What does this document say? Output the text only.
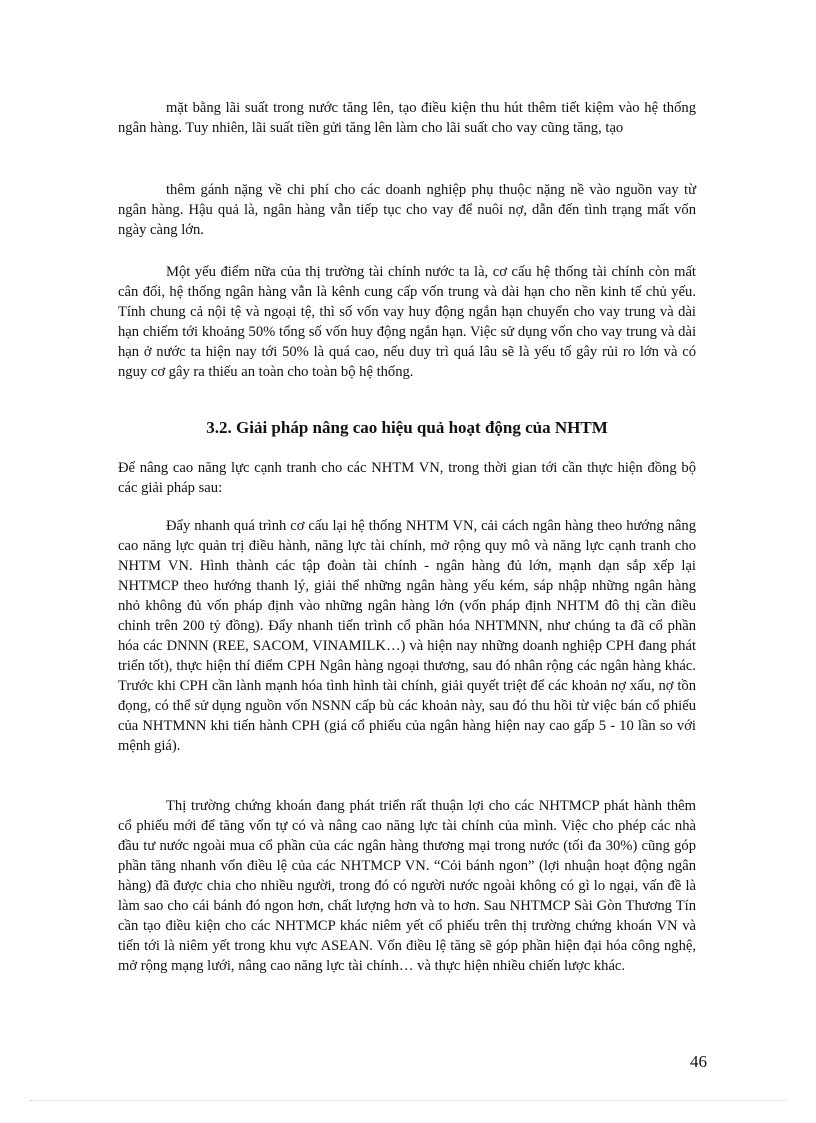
mặt bằng lãi suất trong nước tăng lên, tạo điều kiện thu hút thêm tiết kiệm vào hệ thống ngân hàng. Tuy nhiên, lãi suất tiền gửi tăng lên làm cho lãi suất cho vay cũng tăng, tạo

thêm gánh nặng về chi phí cho các doanh nghiệp phụ thuộc nặng nề vào nguồn vay từ ngân hàng. Hậu quả là, ngân hàng vẫn tiếp tục cho vay để nuôi nợ, dẫn đến tình trạng mất vốn ngày càng lớn.

Một yếu điểm nữa của thị trường tài chính nước ta là, cơ cấu hệ thống tài chính còn mất cân đối, hệ thống ngân hàng vẫn là kênh cung cấp vốn trung và dài hạn cho nền kinh tế chủ yếu. Tính chung cả nội tệ và ngoại tệ, thì số vốn vay huy động ngắn hạn chuyển cho vay trung và dài hạn chiếm tới khoảng 50% tổng số vốn huy động ngắn hạn. Việc sử dụng vốn cho vay trung và dài hạn ở nước ta hiện nay tới 50% là quá cao, nếu duy trì quá lâu sẽ là yếu tố gây rủi ro lớn và có nguy cơ gây ra thiếu an toàn cho toàn bộ hệ thống.

3.2. Giải pháp nâng cao hiệu quả hoạt động của NHTM

Để nâng cao năng lực cạnh tranh cho các NHTM VN, trong thời gian tới cần thực hiện đồng bộ các giải pháp sau:

Đẩy nhanh quá trình cơ cấu lại hệ thống NHTM VN, cải cách ngân hàng theo hướng nâng cao năng lực quản trị điều hành, năng lực tài chính, mở rộng quy mô và năng lực cạnh tranh cho NHTM VN. Hình thành các tập đoàn tài chính - ngân hàng đủ lớn, mạnh dạn sắp xếp lại NHTMCP theo hướng thanh lý, giải thể những ngân hàng yếu kém, sáp nhập những ngân hàng nhỏ không đủ vốn pháp định vào những ngân hàng lớn (vốn pháp định NHTM đô thị cần điều chỉnh trên 200 tỷ đồng). Đẩy nhanh tiến trình cổ phần hóa NHTMNN, như chúng ta đã cổ phần hóa các DNNN (REE, SACOM, VINAMILK…) và hiện nay những doanh nghiệp CPH đang phát triển tốt), thực hiện thí điểm CPH Ngân hàng ngoại thương, sau đó nhân rộng các ngân hàng khác. Trước khi CPH cần lành mạnh hóa tình hình tài chính, giải quyết triệt để các khoản nợ xấu, nợ tồn đọng, có thể sử dụng nguồn vốn NSNN cấp bù các khoản này, sau đó thu hồi từ việc bán cổ phiếu của NHTMNN khi tiến hành CPH (giá cổ phiếu của ngân hàng hiện nay cao gấp 5 - 10 lần so với mệnh giá).

Thị trường chứng khoán đang phát triển rất thuận lợi cho các NHTMCP phát hành thêm cổ phiếu mới để tăng vốn tự có và nâng cao năng lực tài chính của mình. Việc cho phép các nhà đầu tư nước ngoài mua cổ phần của các ngân hàng thương mại trong nước (tối đa 30%) cũng góp phần tăng nhanh vốn điều lệ của các NHTMCP VN. “Cỏi bánh ngon” (lợi nhuận hoạt động ngân hàng) đã được chia cho nhiều người, trong đó có người nước ngoài không có gì lo ngại, vấn đề là làm sao cho cái bánh đó ngon hơn, chất lượng hơn và to hơn. Sau NHTMCP Sài Gòn Thương Tín cần tạo điều kiện cho các NHTMCP khác niêm yết cổ phiếu trên thị trường chứng khoán VN và tiến tới là niêm yết trong khu vực ASEAN. Vốn điều lệ tăng sẽ góp phần hiện đại hóa công nghệ, mở rộng mạng lưới, nâng cao năng lực tài chính… và thực hiện nhiều chiến lược khác.

46
